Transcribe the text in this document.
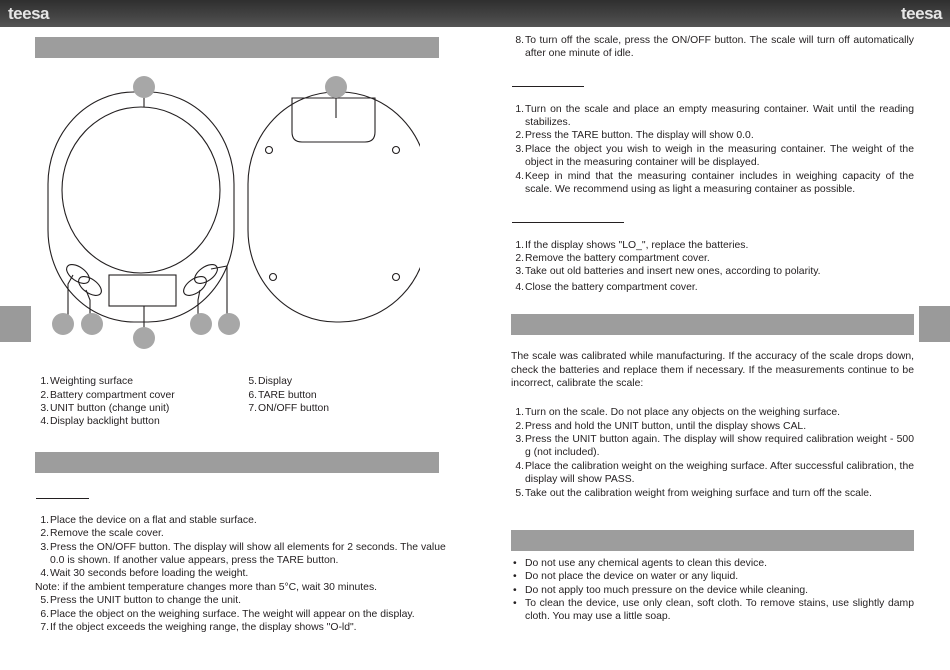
teesa	teesa
1.Weighting surface
2.Battery compartment cover
3.UNIT button (change unit)
4.Display backlight button
5.Display
6.TARE button
7.ON/OFF button
1.Place the device on a flat and stable surface.
2.Remove the scale cover.
3.Press the ON/OFF button. The display will show all elements for 2 seconds. The value
0.0 is shown. If another value appears, press the TARE button.
4.Wait 30 seconds before loading the weight.
Note: if the ambient temperature changes more than 5°C, wait 30 minutes.
5.Press the UNIT button to change the unit.
6.Place the object on the weighing surface. The weight will appear on the display.
7.If the object exceeds the weighing range, the display shows "O-ld".
8. To turn off the scale, press the ON/OFF button. The scale will turn off automatically after one minute of idle.
1. Turn on the scale and place an empty measuring container. Wait until the reading stabilizes.
2. Press the TARE button. The display will show 0.0.
3. Place the object you wish to weigh in the measuring container. The weight of the object in the measuring container will be displayed.
4. Keep in mind that the measuring container includes in weighing capacity of the scale. We recommend using as light a measuring container as possible.
1. If the display shows "LO_", replace the batteries.
2. Remove the battery compartment cover.
3. Take out old batteries and insert new ones, according to polarity.
4. Close the battery compartment cover.
The scale was calibrated while manufacturing. If the accuracy of the scale drops down, check the batteries and replace them if necessary. If the measurements continue to be incorrect, calibrate the scale:
1. Turn on the scale. Do not place any objects on the weighing surface.
2. Press and hold the UNIT button, until the display shows CAL.
3. Press the UNIT button again. The display will show required calibration weight - 500 g (not included).
4. Place the calibration weight on the weighing surface. After successful calibration, the display will show PASS.
5. Take out the calibration weight from weighing surface and turn off the scale.
• Do not use any chemical agents to clean this device.
• Do not place the device on water or any liquid.
• Do not apply too much pressure on the device while cleaning.
• To clean the device, use only clean, soft cloth. To remove stains, use slightly damp cloth. You may use a little soap.
